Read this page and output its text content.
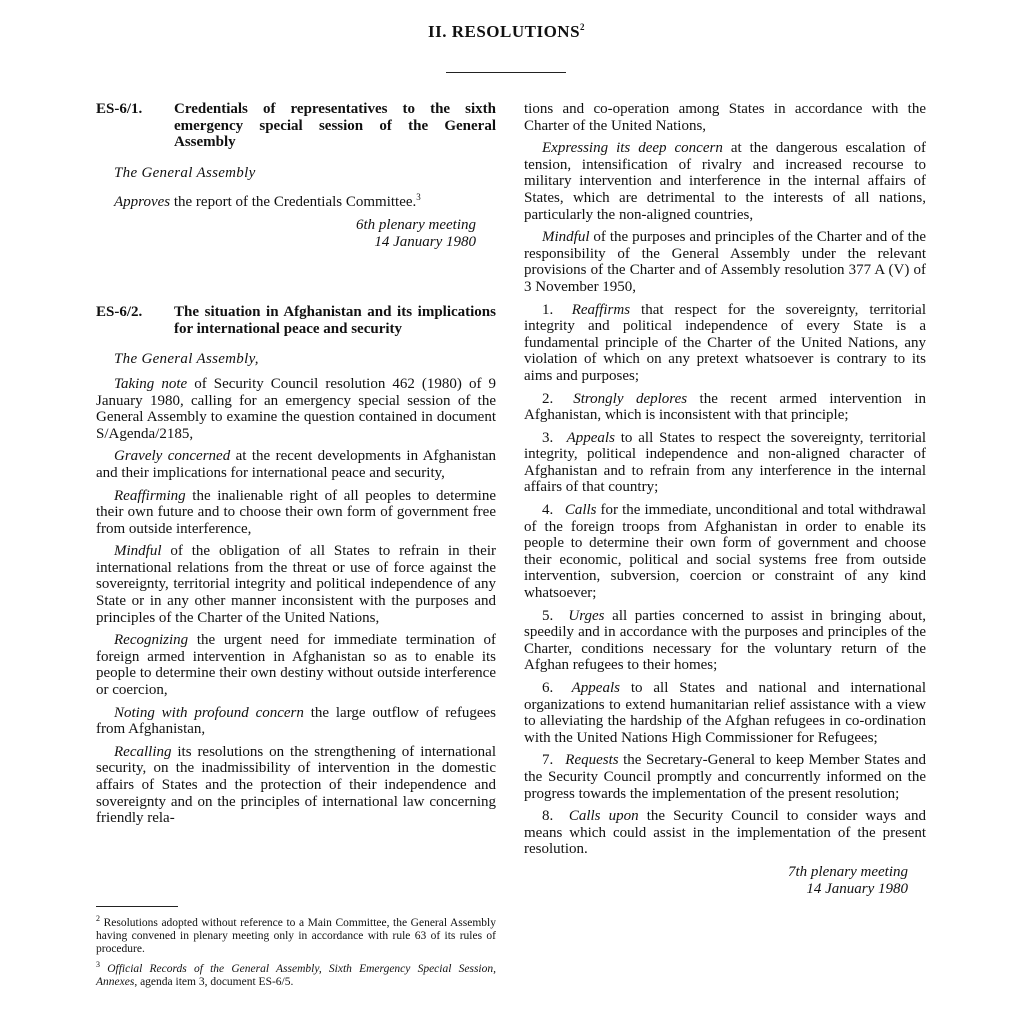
II. RESOLUTIONS$^2$
ES-6/1.	Credentials of representatives to the sixth emergency special session of the General Assembly
The General Assembly

Approves the report of the Credentials Committee.$^3$

6th plenary meeting
14 January 1980
ES-6/2.	The situation in Afghanistan and its implications for international peace and security
The General Assembly,

Taking note of Security Council resolution 462 (1980) of 9 January 1980, calling for an emergency special session of the General Assembly to examine the question contained in document S/Agenda/2185,

Gravely concerned at the recent developments in Afghanistan and their implications for international peace and security,

Reaffirming the inalienable right of all peoples to determine their own future and to choose their own form of government free from outside interference,

Mindful of the obligation of all States to refrain in their international relations from the threat or use of force against the sovereignty, territorial integrity and political independence of any State or in any other manner inconsistent with the purposes and principles of the Charter of the United Nations,

Recognizing the urgent need for immediate termination of foreign armed intervention in Afghanistan so as to enable its people to determine their own destiny without outside interference or coercion,

Noting with profound concern the large outflow of refugees from Afghanistan,

Recalling its resolutions on the strengthening of international security, on the inadmissibility of intervention in the domestic affairs of States and the protection of their independence and sovereignty and on the principles of international law concerning friendly rela-

tions and co-operation among States in accordance with the Charter of the United Nations,

Expressing its deep concern at the dangerous escalation of tension, intensification of rivalry and increased recourse to military intervention and interference in the internal affairs of States, which are detrimental to the interests of all nations, particularly the non-aligned countries,

Mindful of the purposes and principles of the Charter and of the responsibility of the General Assembly under the relevant provisions of the Charter and of Assembly resolution 377 A (V) of 3 November 1950,

1.  Reaffirms that respect for the sovereignty, territorial integrity and political independence of every State is a fundamental principle of the Charter of the United Nations, any violation of which on any pretext whatsoever is contrary to its aims and purposes;

2.  Strongly deplores the recent armed intervention in Afghanistan, which is inconsistent with that principle;

3.  Appeals to all States to respect the sovereignty, territorial integrity, political independence and non-aligned character of Afghanistan and to refrain from any interference in the internal affairs of that country;

4.  Calls for the immediate, unconditional and total withdrawal of the foreign troops from Afghanistan in order to enable its people to determine their own form of government and choose their economic, political and social systems free from outside intervention, subversion, coercion or constraint of any kind whatsoever;

5.  Urges all parties concerned to assist in bringing about, speedily and in accordance with the purposes and principles of the Charter, conditions necessary for the voluntary return of the Afghan refugees to their homes;

6.  Appeals to all States and national and international organizations to extend humanitarian relief assistance with a view to alleviating the hardship of the Afghan refugees in co-ordination with the United Nations High Commissioner for Refugees;

7.  Requests the Secretary-General to keep Member States and the Security Council promptly and concurrently informed on the progress towards the implementation of the present resolution;

8.  Calls upon the Security Council to consider ways and means which could assist in the implementation of the present resolution.

7th plenary meeting
14 January 1980

$^2$ Resolutions adopted without reference to a Main Committee, the General Assembly having convened in plenary meeting only in accordance with rule 63 of its rules of procedure.

$^3$ Official Records of the General Assembly, Sixth Emergency Special Session, Annexes, agenda item 3, document ES-6/5.
